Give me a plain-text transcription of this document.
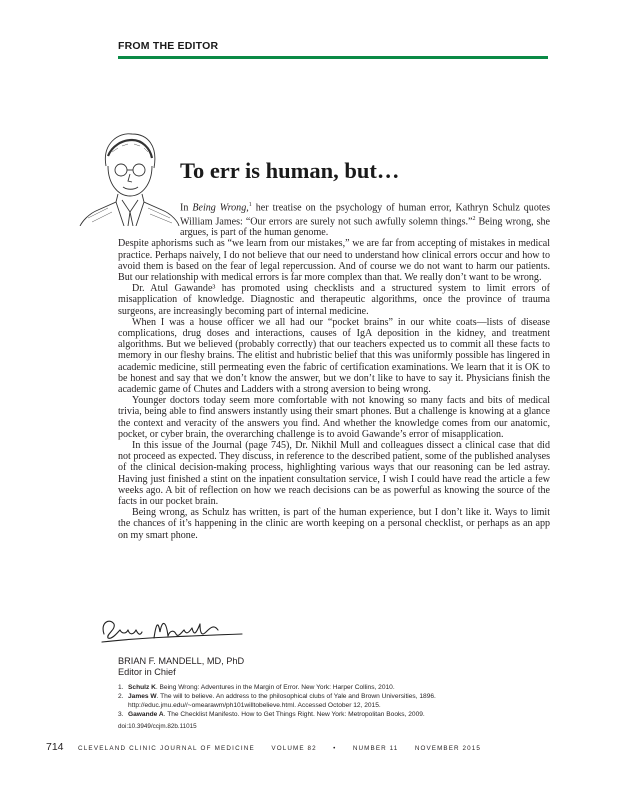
FROM THE EDITOR
To err is human, but…

In Being Wrong,$^1$ her treatise on the psychology of human error, Kathryn Schulz quotes William James: “Our errors are surely not such awfully solemn things.”$^2$ Being wrong, she argues, is part of the human genome.

Despite aphorisms such as “we learn from our mistakes,” we are far from accepting of mistakes in medical practice. Perhaps naively, I do not believe that our need to understand how clinical errors occur and how to avoid them is based on the fear of legal repercussion. And of course we do not want to harm our patients. But our relationship with medical errors is far more complex than that. We really don’t want to be wrong.

Dr. Atul Gawande³ has promoted using checklists and a structured system to limit errors of misapplication of knowledge. Diagnostic and therapeutic algorithms, once the province of trauma surgeons, are increasingly becoming part of internal medicine.

When I was a house officer we all had our “pocket brains” in our white coats—lists of disease complications, drug doses and interactions, causes of IgA deposition in the kidney, and treatment algorithms. But we believed (probably correctly) that our teachers expected us to commit all these facts to memory in our fleshy brains. The elitist and hubristic belief that this was uniformly possible has lingered in academic medicine, still permeating even the fabric of certification examinations. We learn that it is OK to be honest and say that we don’t know the answer, but we don’t like to have to say it. Physicians finish the academic game of Chutes and Ladders with a strong aversion to being wrong.

Younger doctors today seem more comfortable with not knowing so many facts and bits of medical trivia, being able to find answers instantly using their smart phones. But a challenge is knowing at a glance the context and veracity of the answers you find. And whether the knowledge comes from our anatomic, pocket, or cyber brain, the overarching challenge is to avoid Gawande’s error of misapplication.

In this issue of the Journal (page 745), Dr. Nikhil Mull and colleagues dissect a clinical case that did not proceed as expected. They discuss, in reference to the described patient, some of the published analyses of the clinical decision-making process, highlighting various ways that our reasoning can be led astray. Having just finished a stint on the inpatient consultation service, I wish I could have read the article a few weeks ago. A bit of reflection on how we reach decisions can be as powerful as knowing the source of the facts in our pocket brain.

Being wrong, as Schulz has written, is part of the human experience, but I don’t like it. Ways to limit the chances of it’s happening in the clinic are worth keeping on a personal checklist, or perhaps as an app on my smart phone.

BRIAN F. MANDELL, MD, PhD
Editor in Chief
1. Schulz K. Being Wrong: Adventures in the Margin of Error. New York: Harper Collins, 2010.
2. James W. The will to believe. An address to the philosophical clubs of Yale and Brown Universities, 1896. http://educ.jmu.edu//~omearawm/ph101willtobelieve.html. Accessed October 12, 2015.
3. Gawande A. The Checklist Manifesto. How to Get Things Right. New York: Metropolitan Books, 2009.
doi:10.3949/ccjm.82b.11015
714 CLEVELAND CLINIC JOURNAL OF MEDICINE	VOLUME 82	•	NUMBER 11	NOVEMBER 2015
